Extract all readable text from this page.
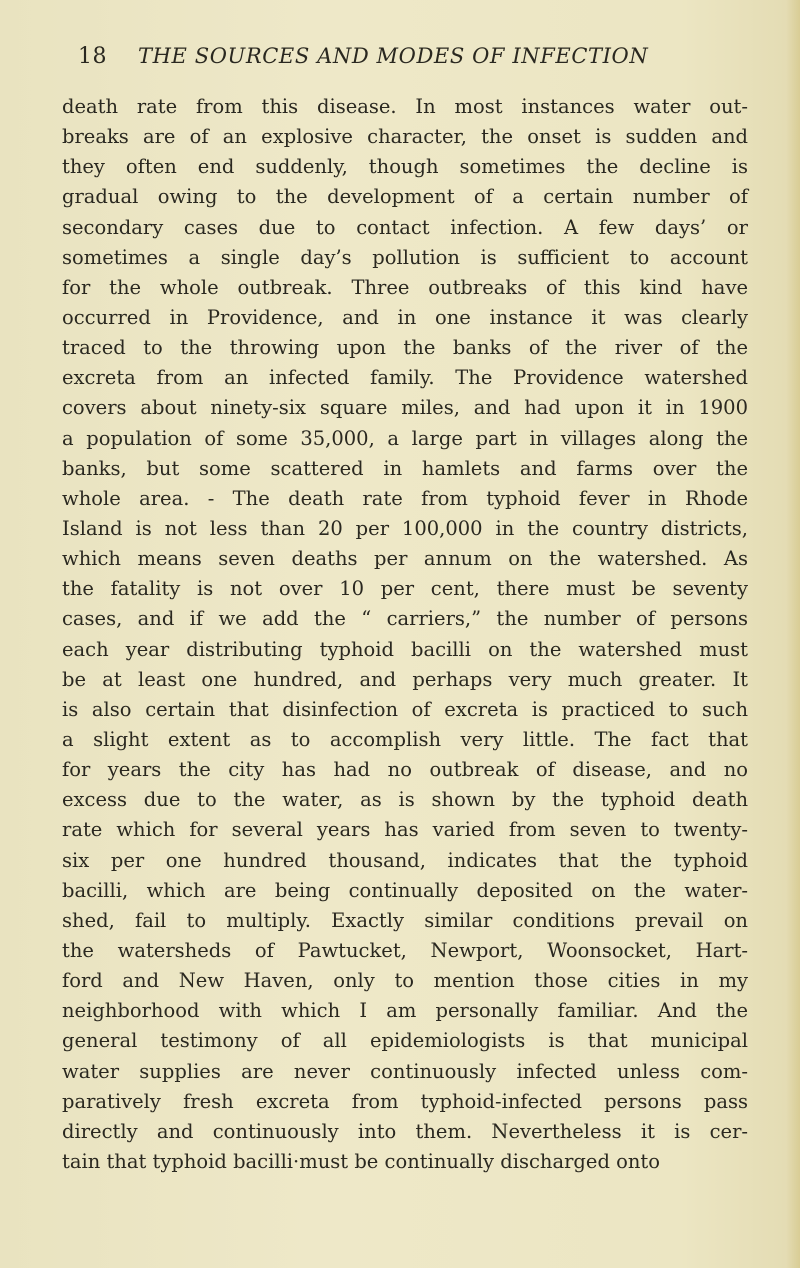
18 THE SOURCES AND MODES OF INFECTION
death rate from this disease. In most instances water out-
breaks are of an explosive character, the onset is sudden and
they often end suddenly, though sometimes the decline is
gradual owing to the development of a certain number of
secondary cases due to contact infection. A few days’ or
sometimes a single day’s pollution is sufficient to account
for the whole outbreak. Three outbreaks of this kind have
occurred in Providence, and in one instance it was clearly
traced to the throwing upon the banks of the river of the
excreta from an infected family. The Providence watershed
covers about ninety-six square miles, and had upon it in 1900
a population of some 35,000, a large part in villages along the
banks, but some scattered in hamlets and farms over the
whole area. - The death rate from typhoid fever in Rhode
Island is not less than 20 per 100,000 in the country districts,
which means seven deaths per annum on the watershed. As
the fatality is not over 10 per cent, there must be seventy
cases, and if we add the “ carriers,” the number of persons
each year distributing typhoid bacilli on the watershed must
be at least one hundred, and perhaps very much greater. It
is also certain that disinfection of excreta is practiced to such
a slight extent as to accomplish very little. The fact that
for years the city has had no outbreak of disease, and no
excess due to the water, as is shown by the typhoid death
rate which for several years has varied from seven to twenty-
six per one hundred thousand, indicates that the typhoid
bacilli, which are being continually deposited on the water-
shed, fail to multiply. Exactly similar conditions prevail on
the watersheds of Pawtucket, Newport, Woonsocket, Hart-
ford and New Haven, only to mention those cities in my
neighborhood with which I am personally familiar. And the
general testimony of all epidemiologists is that municipal
water supplies are never continuously infected unless com-
paratively fresh excreta from typhoid-infected persons pass
directly and continuously into them. Nevertheless it is cer-
tain that typhoid bacilli·must be continually discharged onto
